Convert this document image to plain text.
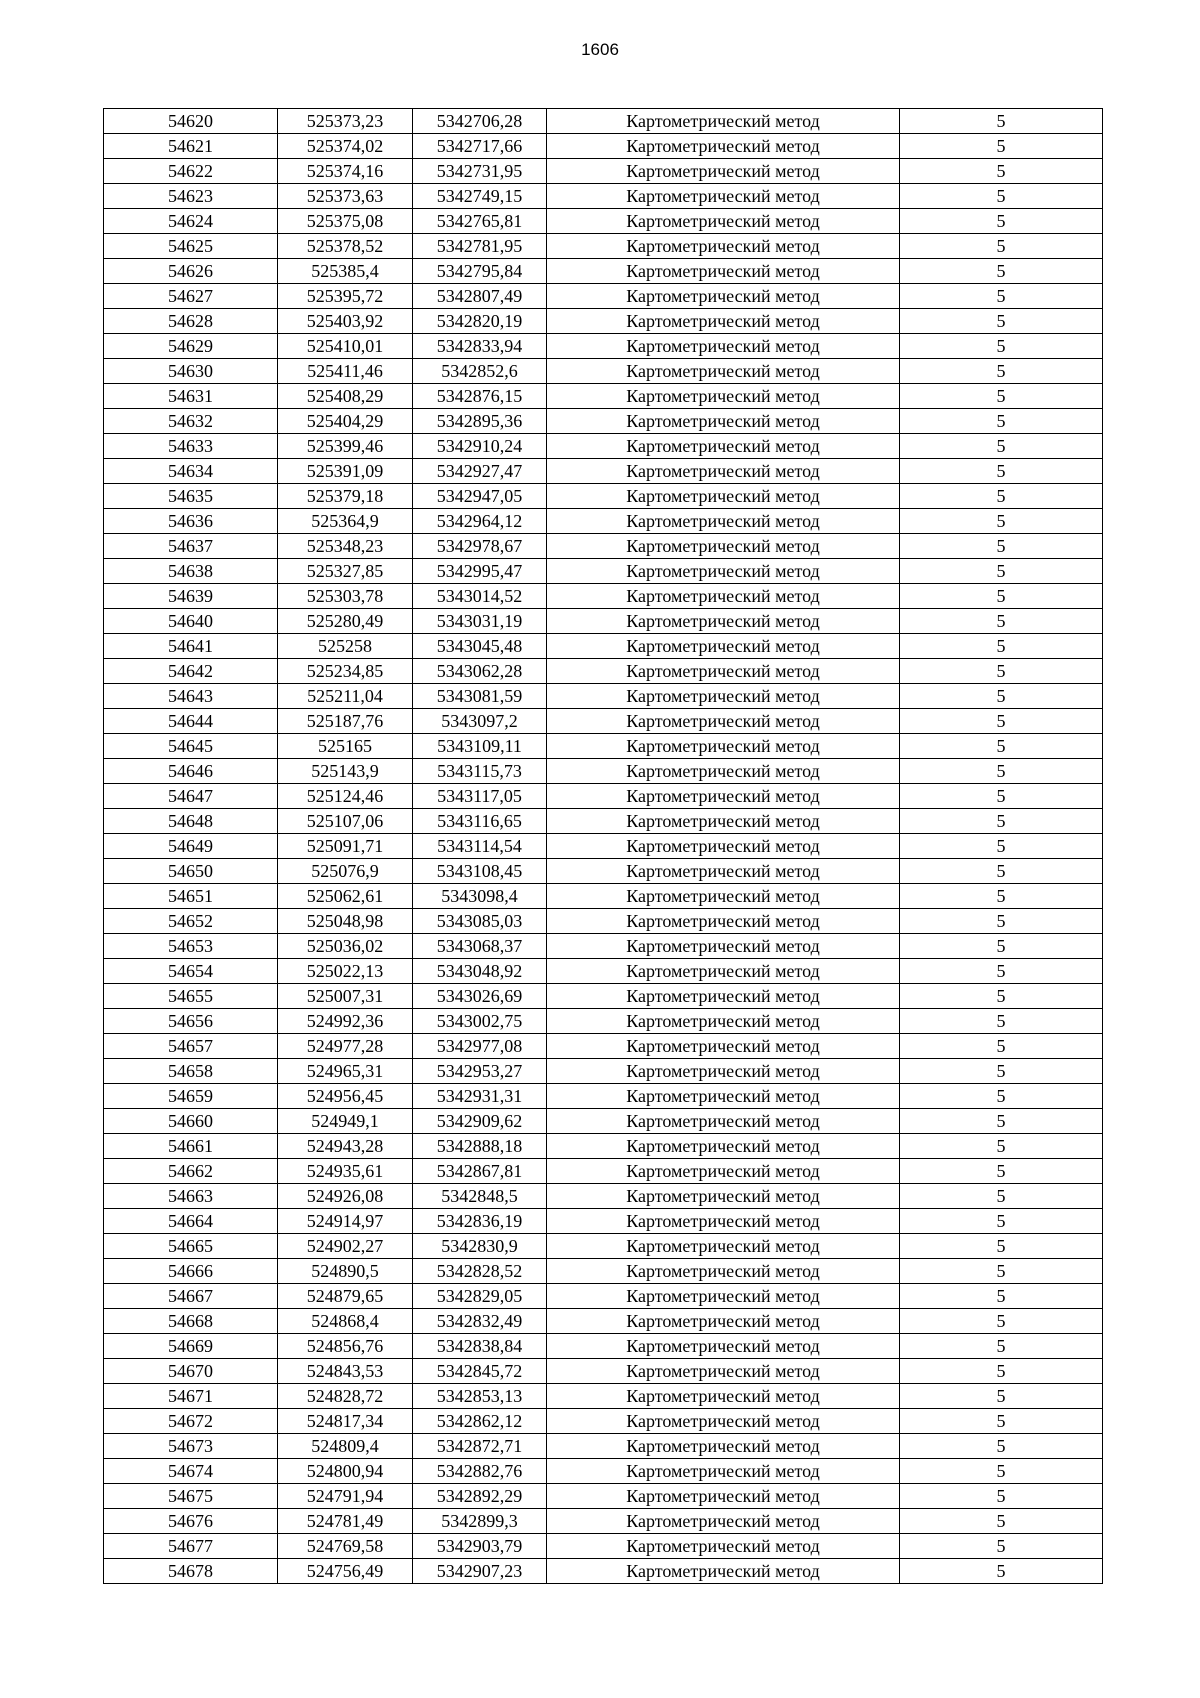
1606
54620	525373,23	5342706,28	Картометрический метод	5
54621	525374,02	5342717,66	Картометрический метод	5
54622	525374,16	5342731,95	Картометрический метод	5
54623	525373,63	5342749,15	Картометрический метод	5
54624	525375,08	5342765,81	Картометрический метод	5
54625	525378,52	5342781,95	Картометрический метод	5
54626	525385,4	5342795,84	Картометрический метод	5
54627	525395,72	5342807,49	Картометрический метод	5
54628	525403,92	5342820,19	Картометрический метод	5
54629	525410,01	5342833,94	Картометрический метод	5
54630	525411,46	5342852,6	Картометрический метод	5
54631	525408,29	5342876,15	Картометрический метод	5
54632	525404,29	5342895,36	Картометрический метод	5
54633	525399,46	5342910,24	Картометрический метод	5
54634	525391,09	5342927,47	Картометрический метод	5
54635	525379,18	5342947,05	Картометрический метод	5
54636	525364,9	5342964,12	Картометрический метод	5
54637	525348,23	5342978,67	Картометрический метод	5
54638	525327,85	5342995,47	Картометрический метод	5
54639	525303,78	5343014,52	Картометрический метод	5
54640	525280,49	5343031,19	Картометрический метод	5
54641	525258	5343045,48	Картометрический метод	5
54642	525234,85	5343062,28	Картометрический метод	5
54643	525211,04	5343081,59	Картометрический метод	5
54644	525187,76	5343097,2	Картометрический метод	5
54645	525165	5343109,11	Картометрический метод	5
54646	525143,9	5343115,73	Картометрический метод	5
54647	525124,46	5343117,05	Картометрический метод	5
54648	525107,06	5343116,65	Картометрический метод	5
54649	525091,71	5343114,54	Картометрический метод	5
54650	525076,9	5343108,45	Картометрический метод	5
54651	525062,61	5343098,4	Картометрический метод	5
54652	525048,98	5343085,03	Картометрический метод	5
54653	525036,02	5343068,37	Картометрический метод	5
54654	525022,13	5343048,92	Картометрический метод	5
54655	525007,31	5343026,69	Картометрический метод	5
54656	524992,36	5343002,75	Картометрический метод	5
54657	524977,28	5342977,08	Картометрический метод	5
54658	524965,31	5342953,27	Картометрический метод	5
54659	524956,45	5342931,31	Картометрический метод	5
54660	524949,1	5342909,62	Картометрический метод	5
54661	524943,28	5342888,18	Картометрический метод	5
54662	524935,61	5342867,81	Картометрический метод	5
54663	524926,08	5342848,5	Картометрический метод	5
54664	524914,97	5342836,19	Картометрический метод	5
54665	524902,27	5342830,9	Картометрический метод	5
54666	524890,5	5342828,52	Картометрический метод	5
54667	524879,65	5342829,05	Картометрический метод	5
54668	524868,4	5342832,49	Картометрический метод	5
54669	524856,76	5342838,84	Картометрический метод	5
54670	524843,53	5342845,72	Картометрический метод	5
54671	524828,72	5342853,13	Картометрический метод	5
54672	524817,34	5342862,12	Картометрический метод	5
54673	524809,4	5342872,71	Картометрический метод	5
54674	524800,94	5342882,76	Картометрический метод	5
54675	524791,94	5342892,29	Картометрический метод	5
54676	524781,49	5342899,3	Картометрический метод	5
54677	524769,58	5342903,79	Картометрический метод	5
54678	524756,49	5342907,23	Картометрический метод	5
